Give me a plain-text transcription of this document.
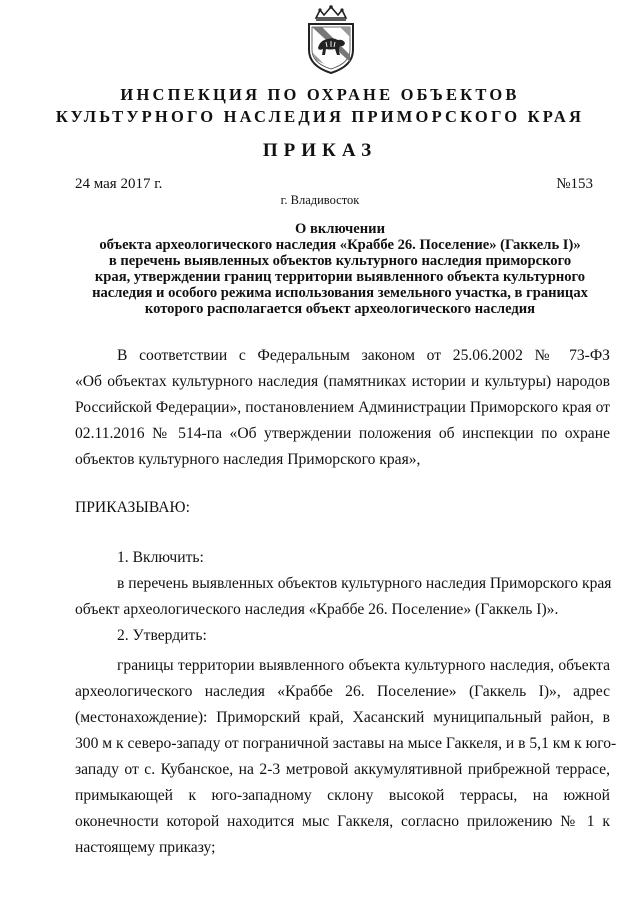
ИНСПЕКЦИЯ ПО ОХРАНЕ ОБЪЕКТОВ
КУЛЬТУРНОГО НАСЛЕДИЯ ПРИМОРСКОГО КРАЯ
ПРИКАЗ
24 мая 2017 г.	№153
г. Владивосток
О включении
объекта археологического наследия «Краббе 26. Поселение» (Гаккель I)»
в перечень выявленных объектов культурного наследия приморского
края, утверждении границ территории выявленного объекта культурного
наследия и особого режима использования земельного участка, в границах
которого располагается объект археологического наследия
В соответствии с Федеральным законом от 25.06.2002 № 73-ФЗ
«Об объектах культурного наследия (памятниках истории и культуры) народов
Российской Федерации», постановлением Администрации Приморского края от
02.11.2016 № 514-па «Об утверждении положения об инспекции по охране
объектов культурного наследия Приморского края»,
ПРИКАЗЫВАЮ:
1. Включить:
в перечень выявленных объектов культурного наследия Приморского края
объект археологического наследия «Краббе 26. Поселение» (Гаккель I)».
2. Утвердить:
границы территории выявленного объекта культурного наследия, объекта
археологического наследия «Краббе 26. Поселение» (Гаккель I)», адрес
(местонахождение): Приморский край, Хасанский муниципальный район, в
300 м к северо-западу от пограничной заставы на мысе Гаккеля, и в 5,1 км к юго-
западу от с. Кубанское, на 2-3 метровой аккумулятивной прибрежной террасе,
примыкающей к юго-западному склону высокой террасы, на южной
оконечности которой находится мыс Гаккеля, согласно приложению № 1 к
настоящему приказу;
